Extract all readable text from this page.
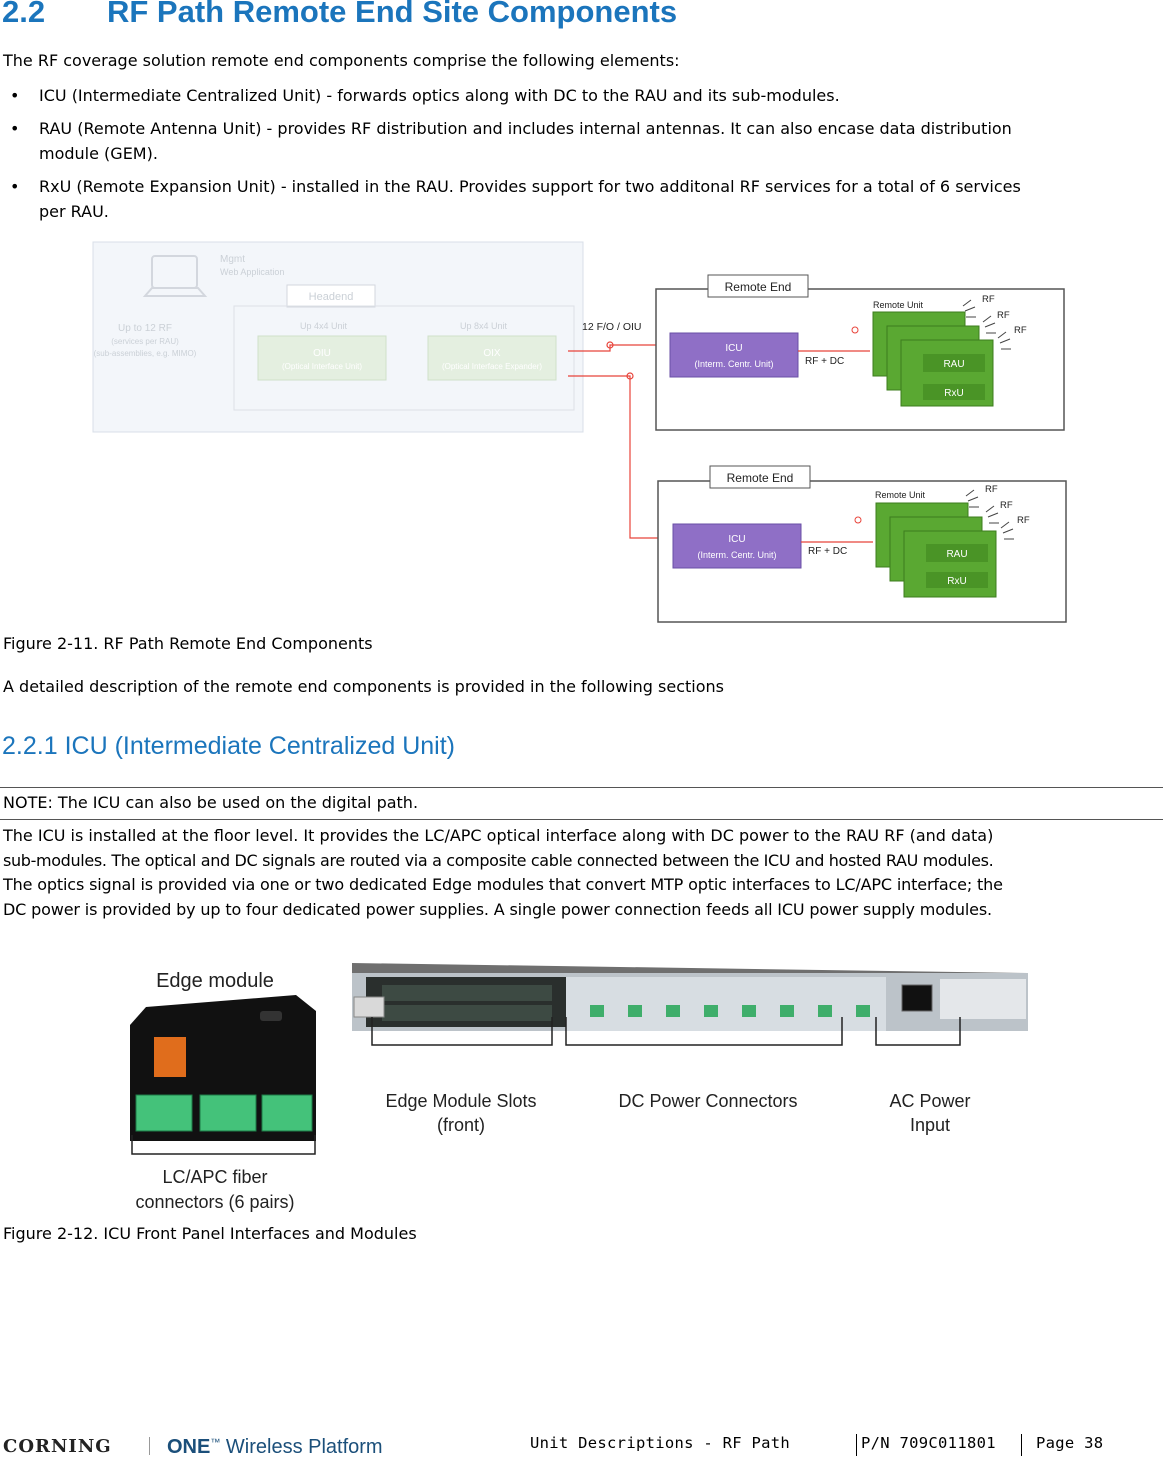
2.2 RF Path Remote End Site Components
The RF coverage solution remote end components comprise the following elements:
• ICU (Intermediate Centralized Unit) - forwards optics along with DC to the RAU and its sub-modules.
• RAU (Remote Antenna Unit) - provides RF distribution and includes internal antennas. It can also encase data distribution
module (GEM).
• RxU (Remote Expansion Unit) - installed in the RAU. Provides support for two additonal RF services for a total of 6 services
per RAU.
Mgmt
Web Application
Headend
Up to 12 RF
(services per RAU)
(sub-assemblies, e.g. MIMO)
Up 4x4 Unit	Up 8x4 Unit
OIU
(Optical Interface Unit)
OIX
(Optical Interface Expander)
12 F/O / OIU
Remote End
ICU
(Interm. Centr. Unit)	RF + DC
Remote Unit
RAU
RxU
RF
RF
RF
Remote End
ICU
(Interm. Centr. Unit)	RF + DC
Remote Unit
RAU
RxU
RF
RF
RF
Figure 2-11. RF Path Remote End Components
A detailed description of the remote end components is provided in the following sections
2.2.1 ICU (Intermediate Centralized Unit)
NOTE: The ICU can also be used on the digital path.
The ICU is installed at the floor level. It provides the LC/APC optical interface along with DC power to the RAU RF (and data)
sub-modules. The optical and DC signals are routed via a composite cable connected between the ICU and hosted RAU modules.
The optics signal is provided via one or two dedicated Edge modules that convert MTP optic interfaces to LC/APC interface; the
DC power is provided by up to four dedicated power supplies. A single power connection feeds all ICU power supply modules.
Edge module
LC/APC fiber
connectors (6 pairs)
Edge Module Slots
(front)
DC Power Connectors	AC Power
Input
Figure 2-12. ICU Front Panel Interfaces and Modules
CORNING	ONE™ Wireless Platform	Unit Descriptions - RF Path	P/N 709C011801	Page 38
